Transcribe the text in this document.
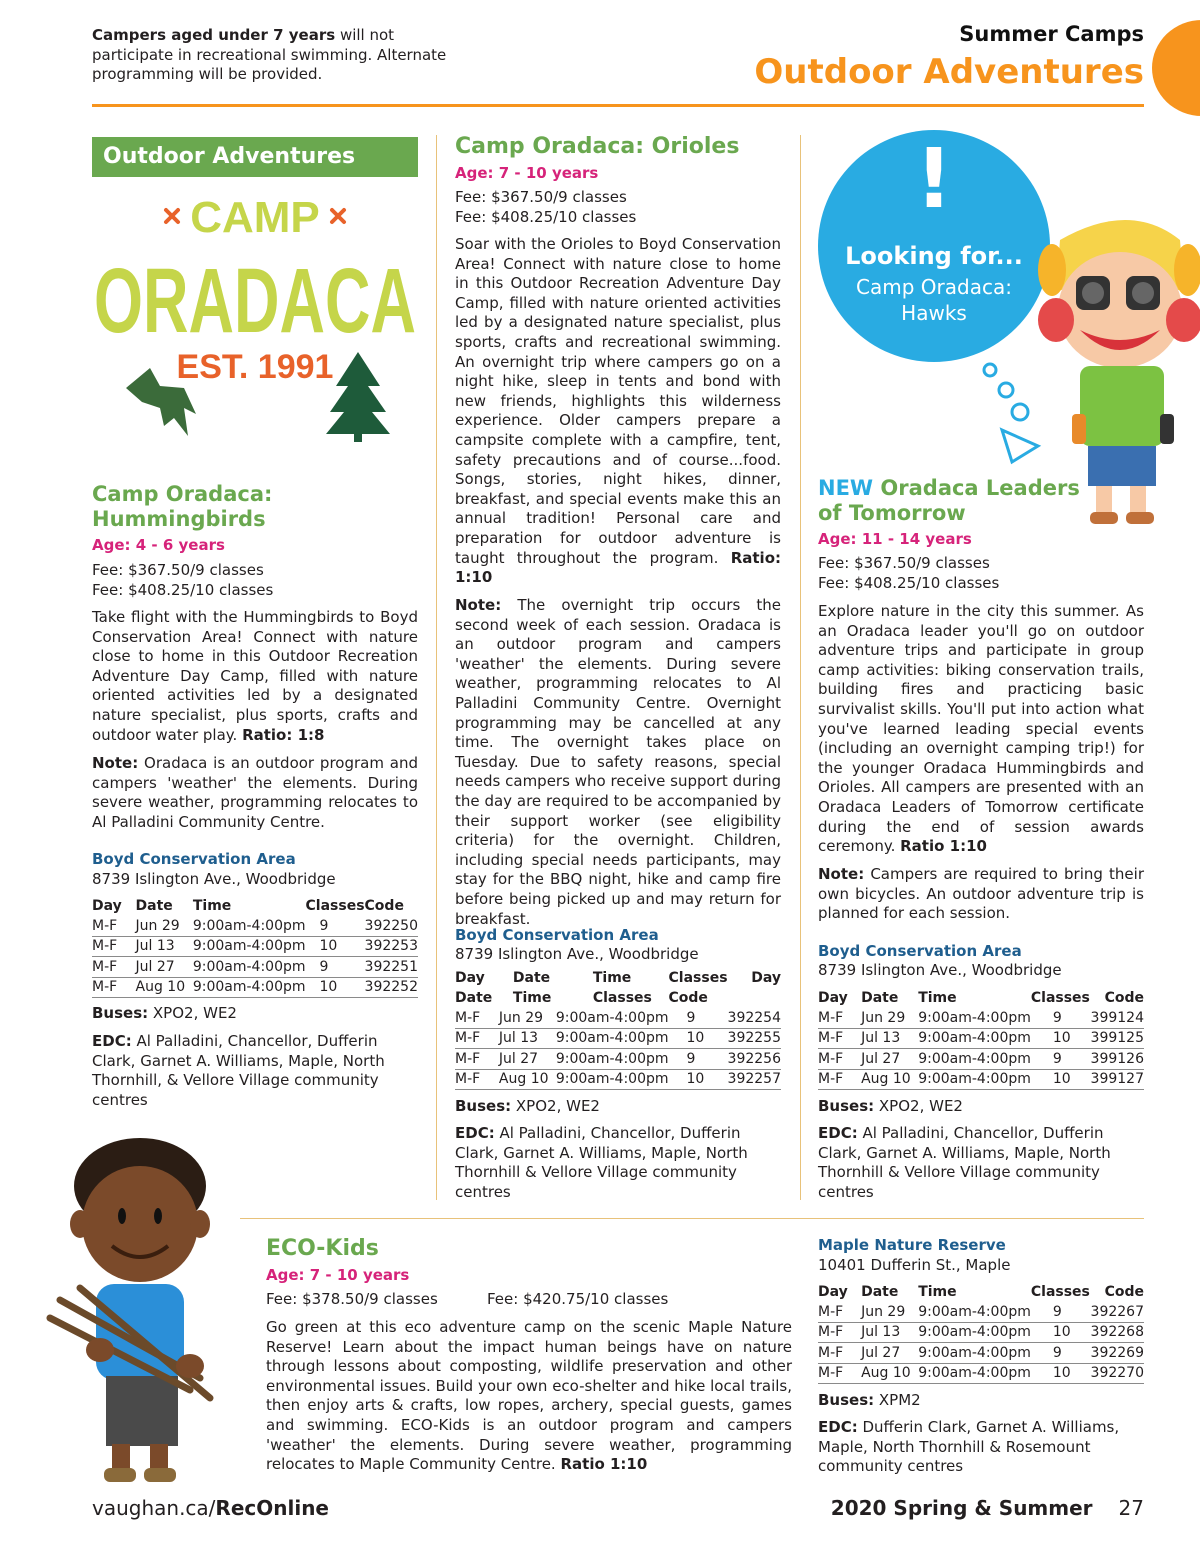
Campers aged under 7 years will not participate in recreational swimming. Alternate programming will be provided.
Summer Camps
Outdoor Adventures
Outdoor Adventures
CAMP
ORADACA
EST. 1991
Camp Oradaca:
Hummingbirds
Age: 4 - 6 years
Fee: $367.50/9 classes
Fee: $408.25/10 classes

Take flight with the Hummingbirds to Boyd Conservation Area! Connect with nature close to home in this Outdoor Recreation Adventure Day Camp, filled with nature oriented activities led by a designated nature specialist, plus sports, crafts and outdoor water play. Ratio: 1:8

Note: Oradaca is an outdoor program and campers 'weather' the elements. During severe weather, programming relocates to Al Palladini Community Centre.

Boyd Conservation Area
8739 Islington Ave., Woodbridge
Day	Date	Time	Classes	Code
M-F	Jun 29	9:00am-4:00pm	9	392250
M-F	Jul 13	9:00am-4:00pm	10	392253
M-F	Jul 27	9:00am-4:00pm	9	392251
M-F	Aug 10	9:00am-4:00pm	10	392252
Buses: XPO2, WE2

EDC: Al Palladini, Chancellor, Dufferin Clark, Garnet A. Williams, Maple, North Thornhill, & Vellore Village community centres

Camp Oradaca: Orioles
Age: 7 - 10 years
Fee: $367.50/9 classes
Fee: $408.25/10 classes

Soar with the Orioles to Boyd Conservation Area! Connect with nature close to home in this Outdoor Recreation Adventure Day Camp, filled with nature oriented activities led by a designated nature specialist, plus sports, crafts and recreational swimming. An overnight trip where campers go on a night hike, sleep in tents and bond with new friends, highlights this wilderness experience. Older campers prepare a campsite complete with a campfire, tent, safety precautions and of course...food. Songs, stories, night hikes, dinner, breakfast, and special events make this an annual tradition! Personal care and preparation for outdoor adventure is taught throughout the program. Ratio: 1:10

Note: The overnight trip occurs the second week of each session. Oradaca is an outdoor program and campers 'weather' the elements. During severe weather, programming relocates to Al Palladini Community Centre. Overnight programming may be cancelled at any time. The overnight takes place on Tuesday. Due to safety reasons, special needs campers who receive support during the day are required to be accompanied by their support worker (see eligibility criteria) for the overnight. Children, including special needs participants, may stay for the BBQ night, hike and camp fire before being picked up and may return for breakfast.

Boyd Conservation Area
8739 Islington Ave., Woodbridge
Day	Date	Time	Classes	Day
Date	Time	Classes	Code	
M-F	Jun 29	9:00am-4:00pm	9	392254
M-F	Jul 13	9:00am-4:00pm	10	392255
M-F	Jul 27	9:00am-4:00pm	9	392256
M-F	Aug 10	9:00am-4:00pm	10	392257
Buses: XPO2, WE2

EDC: Al Palladini, Chancellor, Dufferin Clark, Garnet A. Williams, Maple, North Thornhill & Vellore Village community centres

!
Looking for...
Camp Oradaca:
Hawks
NEW Oradaca Leaders
of Tomorrow
Age: 11 - 14 years
Fee: $367.50/9 classes
Fee: $408.25/10 classes

Explore nature in the city this summer. As an Oradaca leader you'll go on outdoor adventure trips and participate in group camp activities: biking conservation trails, building fires and practicing basic survivalist skills. You'll put into action what you've learned leading special events (including an overnight camping trip!) for the younger Oradaca Hummingbirds and Orioles. All campers are presented with an Oradaca Leaders of Tomorrow certificate during the end of session awards ceremony. Ratio 1:10

Note: Campers are required to bring their own bicycles. An outdoor adventure trip is planned for each session.

Boyd Conservation Area
8739 Islington Ave., Woodbridge
Day	Date	Time	Classes	Code
M-F	Jun 29	9:00am-4:00pm	9	399124
M-F	Jul 13	9:00am-4:00pm	10	399125
M-F	Jul 27	9:00am-4:00pm	9	399126
M-F	Aug 10	9:00am-4:00pm	10	399127
Buses: XPO2, WE2

EDC: Al Palladini, Chancellor, Dufferin Clark, Garnet A. Williams, Maple, North Thornhill & Vellore Village community centres

ECO-Kids
Age: 7 - 10 years
Fee: $378.50/9 classes	Fee: $420.75/10 classes

Go green at this eco adventure camp on the scenic Maple Nature Reserve! Learn about the impact human beings have on nature through lessons about composting, wildlife preservation and other environmental issues. Build your own eco-shelter and hike local trails, then enjoy arts & crafts, low ropes, archery, special guests, games and swimming. ECO-Kids is an outdoor program and campers 'weather' the elements. During severe weather, programming relocates to Maple Community Centre. Ratio 1:10

Maple Nature Reserve
10401 Dufferin St., Maple
Day	Date	Time	Classes	Code
M-F	Jun 29	9:00am-4:00pm	9	392267
M-F	Jul 13	9:00am-4:00pm	10	392268
M-F	Jul 27	9:00am-4:00pm	9	392269
M-F	Aug 10	9:00am-4:00pm	10	392270
Buses: XPM2

EDC: Dufferin Clark, Garnet A. Williams, Maple, North Thornhill & Rosemount community centres

vaughan.ca/RecOnline	2020 Spring & Summer 27
